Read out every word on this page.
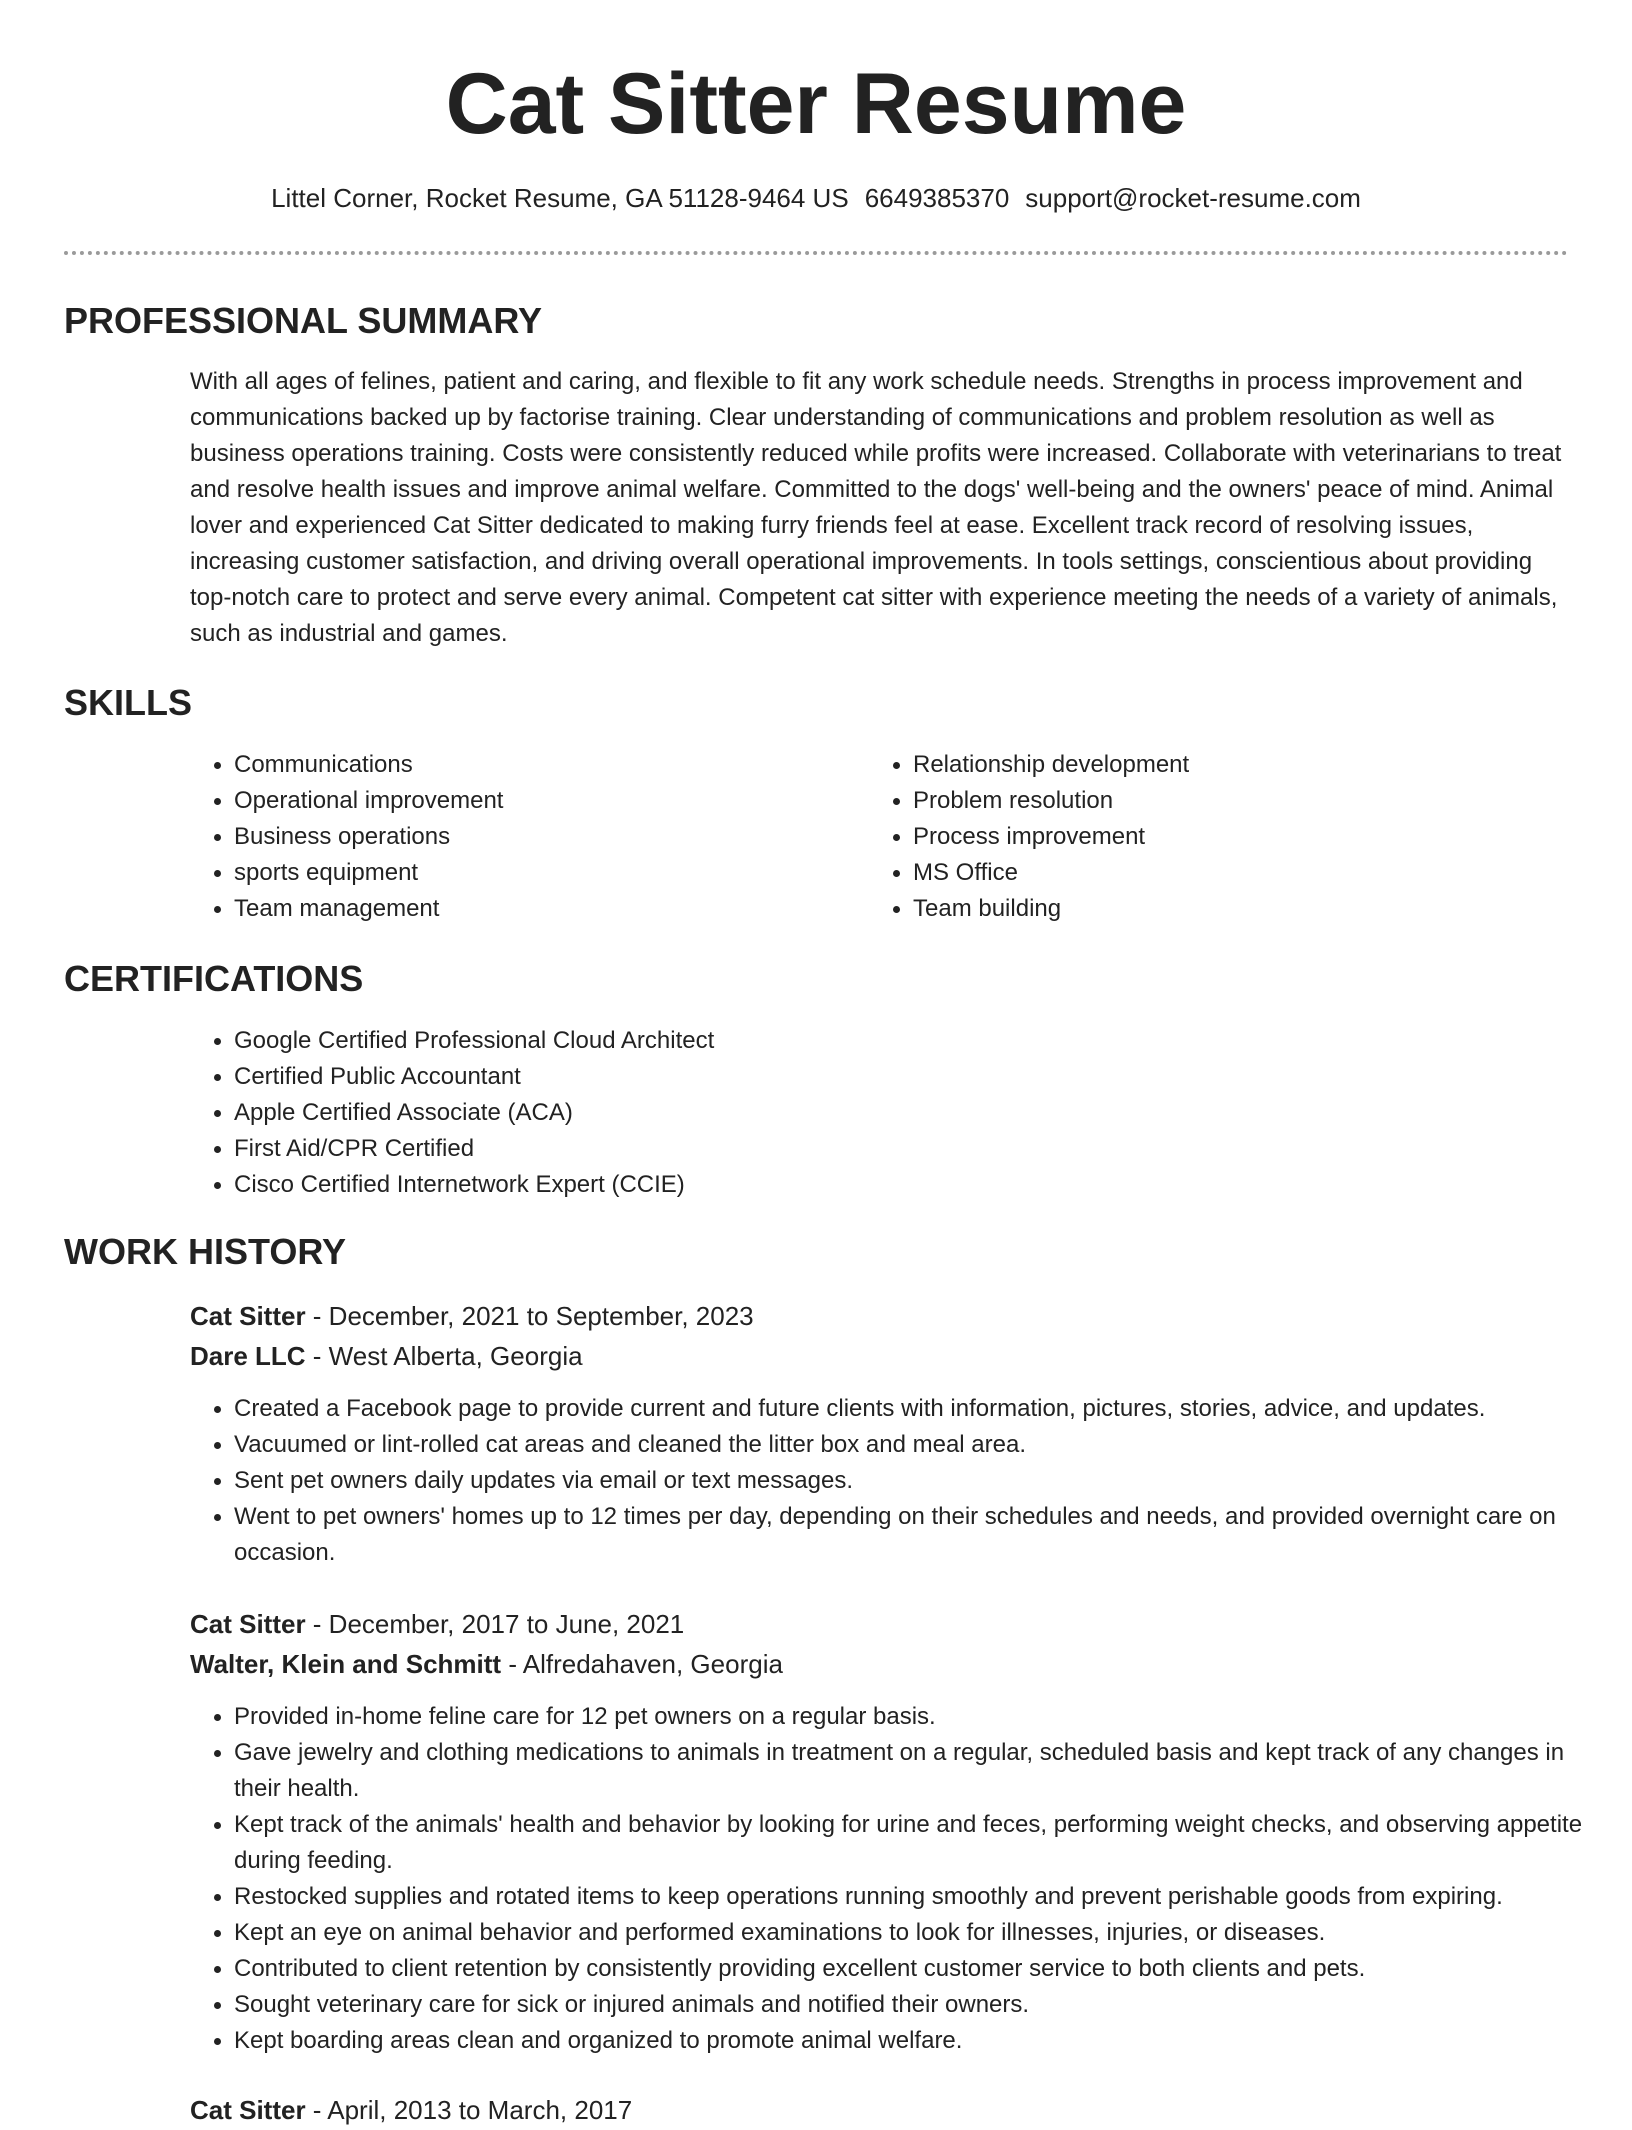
Cat Sitter Resume
Littel Corner, Rocket Resume, GA 51128-9464 US 6649385370 support@rocket-resume.com
PROFESSIONAL SUMMARY

With all ages of felines, patient and caring, and flexible to fit any work schedule needs. Strengths in process improvement and communications backed up by factorise training. Clear understanding of communications and problem resolution as well as business operations training. Costs were consistently reduced while profits were increased. Collaborate with veterinarians to treat and resolve health issues and improve animal welfare. Committed to the dogs' well-being and the owners' peace of mind. Animal lover and experienced Cat Sitter dedicated to making furry friends feel at ease. Excellent track record of resolving issues, increasing customer satisfaction, and driving overall operational improvements. In tools settings, conscientious about providing top-notch care to protect and serve every animal. Competent cat sitter with experience meeting the needs of a variety of animals, such as industrial and games.

SKILLS
• Communications
• Operational improvement
• Business operations
• sports equipment
• Team management
• Relationship development
• Problem resolution
• Process improvement
• MS Office
• Team building
CERTIFICATIONS
• Google Certified Professional Cloud Architect
• Certified Public Accountant
• Apple Certified Associate (ACA)
• First Aid/CPR Certified
• Cisco Certified Internetwork Expert (CCIE)
WORK HISTORY
Cat Sitter - December, 2021 to September, 2023
Dare LLC - West Alberta, Georgia
• Created a Facebook page to provide current and future clients with information, pictures, stories, advice, and updates.
• Vacuumed or lint-rolled cat areas and cleaned the litter box and meal area.
• Sent pet owners daily updates via email or text messages.
• Went to pet owners' homes up to 12 times per day, depending on their schedules and needs, and provided overnight care on occasion.
Cat Sitter - December, 2017 to June, 2021
Walter, Klein and Schmitt - Alfredahaven, Georgia
• Provided in-home feline care for 12 pet owners on a regular basis.
• Gave jewelry and clothing medications to animals in treatment on a regular, scheduled basis and kept track of any changes in their health.
• Kept track of the animals' health and behavior by looking for urine and feces, performing weight checks, and observing appetite during feeding.
• Restocked supplies and rotated items to keep operations running smoothly and prevent perishable goods from expiring.
• Kept an eye on animal behavior and performed examinations to look for illnesses, injuries, or diseases.
• Contributed to client retention by consistently providing excellent customer service to both clients and pets.
• Sought veterinary care for sick or injured animals and notified their owners.
• Kept boarding areas clean and organized to promote animal welfare.
Cat Sitter - April, 2013 to March, 2017
